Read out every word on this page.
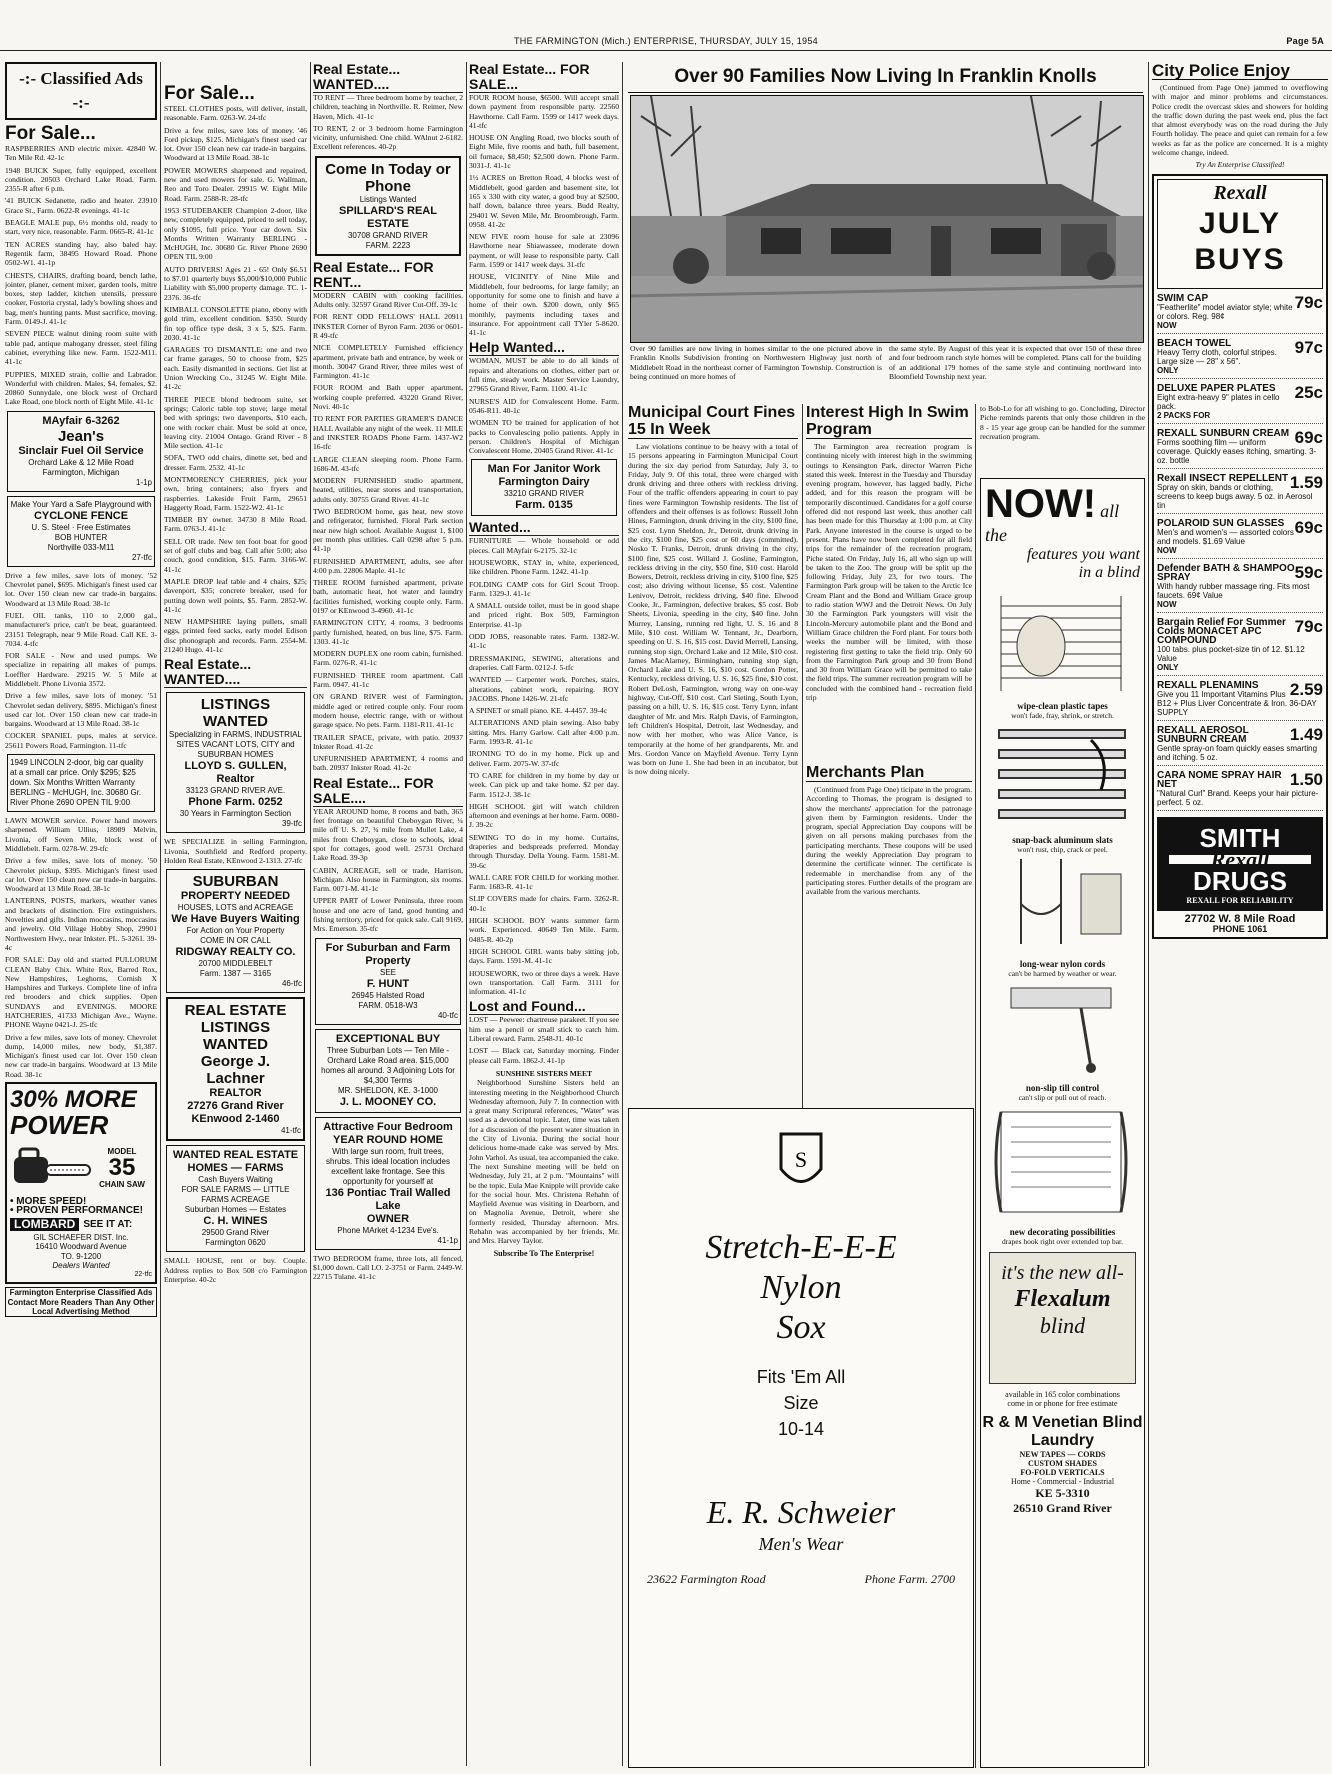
THE FARMINGTON (Mich.) ENTERPRISE, THURSDAY, JULY 15, 1954	Page 5A
-:- Classified Ads -:-
For Sale...

RASPBERRIES AND electric mixer. 42840 W. Ten Mile Rd. 42-1c

1948 BUICK Super, fully equipped, excellent condition. 20503 Orchard Lake Road. Farm. 2355-R after 6 p.m.

'41 BUICK Sedanette, radio and heater. 23910 Grace St., Farm. 0622-R evenings. 41-1c

BEAGLE MALE pup, 6½ months old, ready to start, very nice, reasonable. Farm. 0665-R. 41-1c

TEN ACRES standing hay, also baled hay. Regentik farm, 38495 Howard Road. Phone 0502-W1. 41-1p

CHESTS, CHAIRS, drafting board, bench lathe, jointer, planer, cement mixer, garden tools, mitre boxes, step ladder, kitchen utensils, pressure cooker, Fostoria crystal, lady's bowling shoes and bag, men's hunting pants. Must sacrifice, moving. Farm. 0149-J. 41-1c

SEVEN PIECE walnut dining room suite with table pad, antique mahogany dresser, steel filing cabinet, everything like new. Farm. 1522-M11. 41-1c

PUPPIES, MIXED strain, collie and Labrador. Wonderful with children. Males, $4, females, $2. 20860 Sunnydale, one block west of Orchard Lake Road, one block north of Eight Mile. 41-1c

MAyfair 6-3262
Jean's
Sinclair Fuel Oil Service
Orchard Lake & 12 Mile Road
Farmington, Michigan
1-1p
Make Your Yard a Safe Playground with
CYCLONE FENCE
U. S. Steel · Free Estimates
BOB HUNTER
Northville 033-M11
27-tfc

Drive a few miles, save lots of money. '52 Chevrolet panel, $695. Michigan's finest used car lot. Over 150 clean new car trade-in bargains. Woodward at 13 Mile Road. 38-1c

FUEL OIL tanks, 110 to 2,000 gal., manufacturer's price, can't be beat, guaranteed. 23151 Telegraph, near 9 Mile Road. Call KE. 3-7034. 4-tfc

FOR SALE - New and used pumps. We specialize in repairing all makes of pumps. Loeffler Hardware. 29215 W. 5 Mile at Middlebelt. Phone Livonia 3572.

Drive a few miles, save lots of money. '51 Chevrolet sedan delivery, $895. Michigan's finest used car lot. Over 150 clean new car trade-in bargains. Woodward at 13 Mile Road. 38-1c

COCKER SPANIEL pups, males at service. 25611 Powers Road, Farmington. 11-tfc

1949 LINCOLN 2-door, big car quality at a small car price. Only $295; $25 down. Six Months Written Warranty BERLING - McHUGH, Inc. 30680 Gr. River Phone 2690 OPEN TIL 9:00

LAWN MOWER service. Power hand mowers sharpened. William Ullius, 18989 Melvin, Livonia, off Seven Mile, block west of Middlebelt. Farm. 0278-W. 29-tfc

Drive a few miles, save lots of money. '50 Chevrolet pickup, $395. Michigan's finest used car lot. Over 150 clean new car trade-in bargains. Woodward at 13 Mile Road. 38-1c

LANTERNS, POSTS, markers, weather vanes and brackets of distinction. Fire extinguishers. Novelties and gifts. Indian moccasins, moccasins and jewelry. Old Village Hobby Shop, 29901 Northwestern Hwy., near Inkster. PL. 5-3261. 39-4c

FOR SALE: Day old and started PULLORUM CLEAN Baby Chix. White Rox, Barred Rox, New Hampshires, Leghorns, Cornish X Hampshires and Turkeys. Complete line of infra red brooders and chick supplies. Open SUNDAYS and EVENINGS. MOORE HATCHERIES, 41733 Michigan Ave., Wayne. PHONE Wayne 0421-J. 25-tfc

Drive a few miles, save lots of money. Chevrolet dump, 14,000 miles, new body, $1,387. Michigan's finest used car lot. Over 150 clean new car trade-in bargains. Woodward at 13 Mile Road. 38-1c

30% MORE
POWER
MODEL
35
CHAIN SAW
• MORE SPEED!
• PROVEN PERFORMANCE!
LOMBARD SEE IT AT:
GIL SCHAEFER DIST. Inc.
16410 Woodward Avenue
TO. 9-1200
Dealers Wanted
22-tfc
Farmington Enterprise Classified Ads Contact More Readers Than Any Other Local Advertising Method
For Sale...

STEEL CLOTHES posts, will deliver, install, reasonable. Farm. 0263-W. 24-tfc

Drive a few miles, save lots of money. '46 Ford pickup, $125. Michigan's finest used car lot. Over 150 clean new car trade-in bargains. Woodward at 13 Mile Road. 38-1c

POWER MOWERS sharpened and repaired, new and used mowers for sale. G. Wallman, Reo and Toro Dealer. 29915 W. Eight Mile Road. Farm. 2588-R. 28-tfc

1953 STUDEBAKER Champion 2-door, like new, completely equipped, priced to sell today, only $1095, full price. Your car down. Six Months Written Warranty BERLING - McHUGH, Inc. 30680 Gr. River Phone 2690 OPEN TIL 9:00

AUTO DRIVERS! Ages 21 - 65! Only $6.51 to $7.01 quarterly buys $5,000/$10,000 Public Liability with $5,000 property damage. TC. 1-2376. 36-tfc

KIMBALL CONSOLETTE piano, ebony with gold trim, excellent condition. $350. Sturdy fin top office type desk, 3 x 5, $25. Farm. 2030. 41-1c

GARAGES TO DISMANTLE: one and two car frame garages, 50 to choose from, $25 each. Easily dismantled in sections. Get list at Union Wrecking Co., 31245 W. Eight Mile. 41-2c

THREE PIECE blond bedroom suite, set springs; Caloric table top stove; large metal bed with springs; two davenports, $10 each, one with rocker chair. Must be sold at once, leaving city. 21004 Ontago. Grand River - 8 Mile section. 41-1c

SOFA, TWO odd chairs, dinette set, bed and dresser. Farm. 2532. 41-1c

MONTMORENCY CHERRIES, pick your own, bring containers; also fryers and raspberries. Lakeside Fruit Farm, 29651 Haggerty Road, Farm. 1522-W2. 41-1c

TIMBER BY owner. 34730 8 Mile Road. Farm. 0763-J. 41-1c

SELL OR trade. New ten foot boat for good set of golf clubs and bag. Call after 5:00; also couch, good condition, $15. Farm. 3166-W. 41-1c

MAPLE DROP leaf table and 4 chairs, $25; davenport, $35; concrete breaker, used for putting down well points, $5. Farm. 2852-W. 41-1c

NEW HAMPSHIRE laying pullets, small eggs, printed feed sacks, early model Edison disc phonograph and records. Farm. 2554-M. 21240 Hugo. 41-1c

Real Estate... WANTED....
LISTINGS WANTED
Specializing in FARMS, INDUSTRIAL SITES VACANT LOTS, CITY and SUBURBAN HOMES
LLOYD S. GULLEN, Realtor
33123 GRAND RIVER AVE.
Phone Farm. 0252
30 Years in Farmington Section
39-tfc

WE SPECIALIZE in selling Farmington, Livonia, Southfield and Redford property. Holden Real Estate, KEnwood 2-1313. 27-tfc

SUBURBAN
PROPERTY NEEDED
HOUSES, LOTS and ACREAGE
We Have Buyers Waiting
For Action on Your Property
COME IN OR CALL
RIDGWAY REALTY CO.
20700 MIDDLEBELT
Farm. 1387 — 3165
46-tfc
REAL ESTATE LISTINGS WANTED
George J. Lachner
REALTOR
27276 Grand River
KEnwood 2-1460
41-tfc
WANTED REAL ESTATE HOMES — FARMS
Cash Buyers Waiting
FOR SALE FARMS — LITTLE FARMS ACREAGE
Suburban Homes — Estates
C. H. WINES
29500 Grand River
Farmington 0620

SMALL HOUSE, rent or buy. Couple. Address replies to Box 508 c/o Farmington Enterprise. 40-2c

Real Estate... WANTED....

TO RENT — Three bedroom home by teacher, 2 children, teaching in Northville. R. Reimer, New Haven, Mich. 41-1c

TO RENT, 2 or 3 bedroom home Farmington vicinity, unfurnished. One child. WAlnut 2-6182. Excellent references. 40-2p

Come In Today or Phone
Listings Wanted
SPILLARD'S REAL ESTATE
30708 GRAND RIVER
FARM. 2223
Real Estate... FOR RENT...

MODERN CABIN with cooking facilities. Adults only. 32597 Grand River Cut-Off. 39-1c

FOR RENT ODD FELLOWS' HALL 20911 INKSTER Corner of Byron Farm. 2036 or 0601-R 49-tfc

NICE COMPLETELY Furnished efficiency apartment, private bath and entrance, by week or month. 30047 Grand River, three miles west of Farmington. 41-1c

FOUR ROOM and Bath upper apartment, working couple preferred. 43220 Grand River, Novi. 40-1c

TO RENT FOR PARTIES GRAMER'S DANCE HALL Available any night of the week. 11 MILE and INKSTER ROADS Phone Farm. 1437-W2 16-tfc

LARGE CLEAN sleeping room. Phone Farm. 1686-M. 43-tfc

MODERN FURNISHED studio apartment, heated, utilities, near stores and transportation, adults only. 30755 Grand River. 41-1c

TWO BEDROOM home, gas heat, new stove and refrigerator, furnished. Floral Park section near new high school. Available August 1, $100 per month plus utilities. Call 0298 after 5 p.m. 41-1p

FURNISHED APARTMENT, adults, see after 4:00 p.m. 22806 Maple. 41-1c

THREE ROOM furnished apartment, private bath, automatic heat, hot water and laundry facilities furnished, working couple only. Farm. 0197 or KEnwood 3-4960. 41-1c

FARMINGTON CITY, 4 rooms, 3 bedrooms partly furnished, heated, on bus line, $75. Farm. 1303. 41-1c

MODERN DUPLEX one room cabin, furnished. Farm. 0276-R. 41-1c

FURNISHED THREE room apartment. Call Farm. 0947. 41-1c

ON GRAND RIVER west of Farmington, middle aged or retired couple only. Four room modern house, electric range, with or without garage space. No pets. Farm. 1181-R11. 41-1c

TRAILER SPACE, private, with patio. 20937 Inkster Road. 41-2c

UNFURNISHED APARTMENT, 4 rooms and bath. 20937 Inkster Road. 41-2c

Real Estate... FOR SALE....

YEAR AROUND home, 8 rooms and bath, 365 feet frontage on beautiful Cheboygan River, ¼ mile off U. S. 27, ¾ mile from Mullet Lake, 4 miles from Cheboygan, close to schools, ideal spot for cottages, good well. 25731 Orchard Lake Road. 39-3p

CABIN, ACREAGE, sell or trade, Harrison, Michigan. Also house in Farmington, six rooms. Farm. 0071-M. 41-1c

UPPER PART of Lower Peninsula, three room house and one acre of land, good hunting and fishing territory, priced for quick sale. Call 9169, Mrs. Emerson. 35-tfc

For Suburban and Farm Property
SEE
F. HUNT
26945 Halsted Road
FARM. 0518-W3
40-tfc
EXCEPTIONAL BUY
Three Suburban Lots — Ten Mile - Orchard Lake Road area. $15,000 homes all around. 3 Adjoining Lots for $4,300 Terms
MR. SHELDON, KE. 3-1000
J. L. MOONEY CO.
Attractive Four Bedroom YEAR ROUND HOME
With large sun room, fruit trees, shrubs. This ideal location includes excellent lake frontage. See this opportunity for yourself at
136 Pontiac Trail Walled Lake
OWNER
Phone MArket 4-1234 Eve's.
41-1p

TWO BEDROOM frame, three lots, all fenced, $1,000 down. Call LO. 2-3751 or Farm. 2449-W. 22715 Tulane. 41-1c

Real Estate... FOR SALE...

FOUR ROOM house, $6500. Will accept small down payment from responsible party. 22560 Hawthorne. Call Farm. 1599 or 1417 week days. 41-tfc

HOUSE ON Angling Road, two blocks south of Eight Mile, five rooms and bath, full basement, oil furnace, $8,450; $2,500 down. Phone Farm. 3031-J. 41-1c

1½ ACRES on Bretton Road, 4 blocks west of Middlebelt, good garden and basement site, lot 165 x 330 with city water, a good buy at $2500, half down, balance three years. Budd Realty, 29401 W. Seven Mile, Mr. Broombrough, Farm. 0958. 41-2c

NEW FIVE room house for sale at 23096 Hawthorne near Shiawassee, moderate down payment, or will lease to responsible party. Call Farm. 1599 or 1417 week days. 31-tfc

HOUSE, VICINITY of Nine Mile and Middlebelt, four bedrooms, for large family; an opportunity for some one to finish and have a home of their own. $200 down, only $65 monthly, payments including taxes and insurance. For appointment call TYler 5-8620. 41-1c

Help Wanted...

WOMAN, MUST be able to do all kinds of repairs and alterations on clothes, either part or full time, steady work. Master Service Laundry, 27965 Grand River, Farm. 1100. 41-1c

NURSE'S AID for Convalescent Home. Farm. 0546-R11. 40-1c

WOMEN TO be trained for application of hot packs to Convalescing polio patients. Apply in person. Children's Hospital of Michigan Convalescent Home, 20405 Grand River. 41-1c

Man For Janitor Work
Farmington Dairy
33210 GRAND RIVER
Farm. 0135
Wanted...

FURNITURE — Whole household or odd pieces. Call MAyfair 6-2175. 32-1c

HOUSEWORK, STAY in, white, experienced, like children. Phone Farm. 1242. 41-1p

FOLDING CAMP cots for Girl Scout Troop. Farm. 1329-J. 41-1c

A SMALL outside toilet, must be in good shape and priced right. Box 509, Farmington Enterprise. 41-1p

ODD JOBS, reasonable rates. Farm. 1382-W. 41-1c

DRESSMAKING, SEWING, alterations and draperies. Call Farm. 0212-J. 5-tfc

WANTED — Carpenter work. Porches, stairs, alterations, cabinet work, repairing. ROY JACOBS. Phone 1426-W. 21-tfc

A SPINET or small piano. KE. 4-4457. 39-4c

ALTERATIONS AND plain sewing. Also baby sitting. Mrs. Harry Garlow. Call after 4:00 p.m. Farm. 1993-R. 41-1c

IRONING TO do in my home. Pick up and deliver. Farm. 2075-W. 37-tfc

TO CARE for children in my home by day or week. Can pick up and take home. $2 per day. Farm. 1512-J. 38-1c

HIGH SCHOOL girl will watch children afternoon and evenings at her home. Farm. 0080-J. 39-2c

SEWING TO do in my home. Curtains, draperies and bedspreads preferred. Monday through Thursday. Della Young. Farm. 1581-M. 39-6c

WALL CARE FOR CHILD for working mother. Farm. 1683-R. 41-1c

SLIP COVERS made for chairs. Farm. 3262-R. 40-1c

HIGH SCHOOL BOY wants summer farm work. Experienced. 40649 Ten Mile. Farm. 0485-R. 40-2p

HIGH SCHOOL GIRL wants baby sitting job, days. Farm. 1591-M. 41-1c

HOUSEWORK, two or three days a week. Have own transportation. Call Farm. 3111 for information. 41-1c

Lost and Found...

LOST — Peewee: chartreuse parakeet. If you see him use a pencil or small stick to catch him. Liberal reward. Farm. 2548-J1. 40-1c

LOST — Black cat, Saturday morning. Finder please call Farm. 1862-J. 41-1p

SUNSHINE SISTERS MEET

Neighborhood Sunshine Sisters held an interesting meeting in the Neighborhood Church Wednesday afternoon, July 7. In connection with a great many Scriptural references, "Water" was used as a devotional topic. Later, time was taken for a discussion of the present water situation in the City of Livonia. During the social hour delicious home-made cake was served by Mrs. John Varhol. As usual, tea accompanied the cake. The next Sunshine meeting will be held on Wednesday, July 21, at 2 p.m. "Mountains" will be the topic. Eula Mae Knipple will provide cake for the social hour. Mrs. Christena Rehahn of Mayfield Avenue was visiting in Dearborn, and on Magnolia Avenue, Detroit, where she formerly resided, Thursday afternoon. Mrs. Rehahn was accompanied by her friends, Mr. and Mrs. Harvey Taylor.

Subscribe To The Enterprise!
Over 90 Families Now Living In Franklin Knolls
Over 90 families are now living in homes similar to the one pictured above in Franklin Knolls Subdivision fronting on Northwestern Highway just north of Middlebelt Road in the northeast corner of Farmington Township. Construction is being continued on more homes of
the same style. By August of this year it is expected that over 150 of these three and four bedroom ranch style homes will be completed. Plans call for the building of an additional 179 homes of the same style and continuing northward into Bloomfield Township next year.
Municipal Court Fines 15 In Week
Law violations continue to be heavy with a total of 15 persons appearing in Farmington Municipal Court during the six day period from Saturday, July 3, to Friday, July 9. Of this total, three were charged with drunk driving and three others with reckless driving. Four of the traffic offenders appearing in court to pay fines were Farmington Township residents. The list of offenders and their offenses is as follows: Russell John Hines, Farmington, drunk driving in the city, $100 fine, $25 cost. Lynn Sheldon, Jr., Detroit, drunk driving in the city, $100 fine, $25 cost or 60 days (committed). Nosko T. Franks, Detroit, drunk driving in the city, $100 fine, $25 cost. Willard J. Gosline, Farmington, reckless driving in the city, $50 fine, $10 cost. Harold Bowers, Detroit, reckless driving in city, $100 fine, $25 cost; also driving without license, $5 cost. Valentine Lenivov, Detroit, reckless driving, $40 fine. Elwood Cooke, Jr., Farmington, defective brakes, $5 cost. Bob Sheets, Livonia, speeding in the city, $40 fine. John Murrey, Lansing, running red light, U. S. 16 and 8 Mile, $10 cost. William W. Tennant, Jr., Dearborn, speeding on U. S. 16, $15 cost. David Merrell, Lansing, running stop sign, Orchard Lake and 12 Mile, $10 cost. James MacAlarney, Birmingham, running stop sign, Orchard Lake and U. S. 16, $10 cost. Gordon Potter, Kentucky, reckless driving, U. S. 16, $25 fine, $10 cost. Robert DeLosh, Farmington, wrong way on one-way highway, Cut-Off, $10 cost. Carl Sieting, South Lyon, passing on a hill, U. S. 16, $15 cost. Terry Lynn, infant daughter of Mr. and Mrs. Ralph Davis, of Farmington, left Children's Hospital, Detroit, last Wednesday, and now with her mother, who was Alice Vance, is temporarily at the home of her grandparents, Mr. and Mrs. Gordon Vance on Mayfield Avenue. Terry Lynn was born on June 1. She had been in an incubator, but is now doing nicely.
Interest High In Swim Program
The Farmington area recreation program is continuing nicely with interest high in the swimming outings to Kensington Park, director Warren Piche stated this week. Interest in the Tuesday and Thursday evening program, however, has lagged badly, Piche added, and for this reason the program will be temporarily discontinued. Candidates for a golf course offered did not respond last week, thus another call has been made for this Thursday at 1:00 p.m. at City Park. Anyone interested in the course is urged to be present. Plans have now been completed for all field trips for the remainder of the recreation program, Piche stated. On Friday, July 16, all who sign up will be taken to the Zoo. The group will be split up the following Friday, July 23, for two tours. The Farmington Park group will be taken to the Arctic Ice Cream Plant and the Bond and William Grace group to radio station WWJ and the Detroit News. On July 30 the Farmington Park youngsters will visit the Lincoln-Mercury automobile plant and the Bond and William Grace children the Ford plant. For tours both weeks the number will be limited, with those registering first getting to take the field trip. Only 60 from the Farmington Park group and 30 from Bond and 30 from William Grace will be permitted to take the field trips. The summer recreation program will be concluded with the combined hand - recreation field trip
Merchants Plan
(Continued from Page One) ticipate in the program. According to Thomas, the program is designed to show the merchants' appreciation for the patronage given them by Farmington residents. Under the program, special Appreciation Day coupons will be given on all persons making purchases from the participating merchants. These coupons will be used during the weekly Appreciation Day program to determine the certificate winner. The certificate is redeemable in merchandise from any of the participating stores. Further details of the program are available from the various merchants.
to Bob-Lo for all wishing to go. Concluding, Director Piche reminds parents that only those children in the 8 - 15 year age group can be handled for the summer recreation program.
NOW! all the
features you want
in a blind
wipe-clean plastic tapes
won't fade, fray, shrink, or stretch.
snap-back aluminum slats
won't rust, chip, crack or peel.
long-wear nylon cords
can't be harmed by weather or wear.
non-slip till control
can't slip or pull out of reach.
new decorating possibilities
drapes hook right over extended top bar.
it's the new all-
Flexalum
blind
available in 165 color combinations
come in or phone for free estimate
R & M Venetian Blind Laundry
NEW TAPES — CORDS
CUSTOM SHADES
FO-FOLD VERTICALS
Home - Commercial - Industrial
KE 5-3310
26510 Grand River
S
Stretch-E-E-E
Nylon
Sox
Fits 'Em All
Size
10-14
E. R. Schweier
Men's Wear
23622 Farmington Road	Phone Farm. 2700
City Police Enjoy
(Continued from Page One) jammed to overflowing with major and minor problems and circumstances. Police credit the overcast skies and showers for holding the traffic down during the past week end, plus the fact that almost everybody was on the road during the July Fourth holiday. The peace and quiet can remain for a few weeks as far as the police are concerned. It is a mighty welcome change, indeed.
Try An Enterprise Classified!
Rexall
JULY
BUYS
79c
SWIM CAP
"Featherlite" model aviator style; white or colors. Reg. 98¢
NOW
97c
BEACH TOWEL
Heavy Terry cloth, colorful stripes. Large size — 28" x 56".
ONLY
25c
DELUXE PAPER PLATES
Eight extra-heavy 9" plates in cello pack.
2 PACKS FOR
69c
REXALL SUNBURN CREAM
Forms soothing film — uniform coverage. Quickly eases itching, smarting. 3-oz. bottle
1.59
Rexall INSECT REPELLENT
Spray on skin, bands or clothing, screens to keep bugs away. 5 oz. in Aerosol tin
69c
POLAROID SUN GLASSES
Men's and women's — assorted colors and models. $1.69 Value
NOW
59c
Defender BATH & SHAMPOO SPRAY
With handy rubber massage ring. Fits most faucets. 69¢ Value
NOW
79c
Bargain Relief For Summer Colds MONACET APC COMPOUND
100 tabs. plus pocket-size tin of 12. $1.12 Value
ONLY
2.59
REXALL PLENAMINS
Give you 11 Important Vitamins Plus B12 + Plus Liver Concentrate & Iron. 36-DAY SUPPLY
1.49
REXALL AEROSOL SUNBURN CREAM
Gentle spray-on foam quickly eases smarting and itching. 5 oz.
1.50
CARA NOME SPRAY HAIR NET
"Natural Curl" Brand. Keeps your hair picture-perfect. 5 oz.
SMITH
Rexall
DRUGS
REXALL FOR RELIABILITY
27702 W. 8 Mile Road
PHONE 1061
